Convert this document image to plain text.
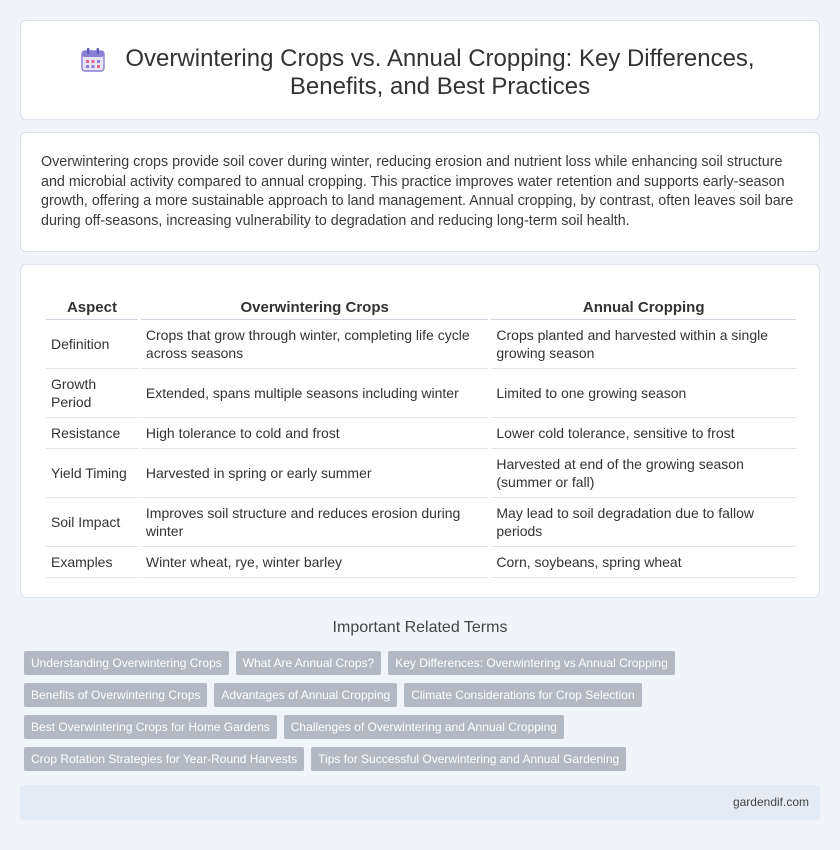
Overwintering Crops vs. Annual Cropping: Key Differences, Benefits, and Best Practices

Overwintering crops provide soil cover during winter, reducing erosion and nutrient loss while enhancing soil structure and microbial activity compared to annual cropping. This practice improves water retention and supports early-season growth, offering a more sustainable approach to land management. Annual cropping, by contrast, often leaves soil bare during off-seasons, increasing vulnerability to degradation and reducing long-term soil health.

Aspect	Overwintering Crops	Annual Cropping
Definition	Crops that grow through winter, completing life cycle across seasons	Crops planted and harvested within a single growing season
Growth Period	Extended, spans multiple seasons including winter	Limited to one growing season
Resistance	High tolerance to cold and frost	Lower cold tolerance, sensitive to frost
Yield Timing	Harvested in spring or early summer	Harvested at end of the growing season (summer or fall)
Soil Impact	Improves soil structure and reduces erosion during winter	May lead to soil degradation due to fallow periods
Examples	Winter wheat, rye, winter barley	Corn, soybeans, spring wheat
Important Related Terms
Understanding Overwintering Crops	What Are Annual Crops?	Key Differences: Overwintering vs Annual Cropping
Benefits of Overwintering Crops	Advantages of Annual Cropping	Climate Considerations for Crop Selection
Best Overwintering Crops for Home Gardens	Challenges of Overwintering and Annual Cropping
Crop Rotation Strategies for Year-Round Harvests	Tips for Successful Overwintering and Annual Gardening
gardendif.com
